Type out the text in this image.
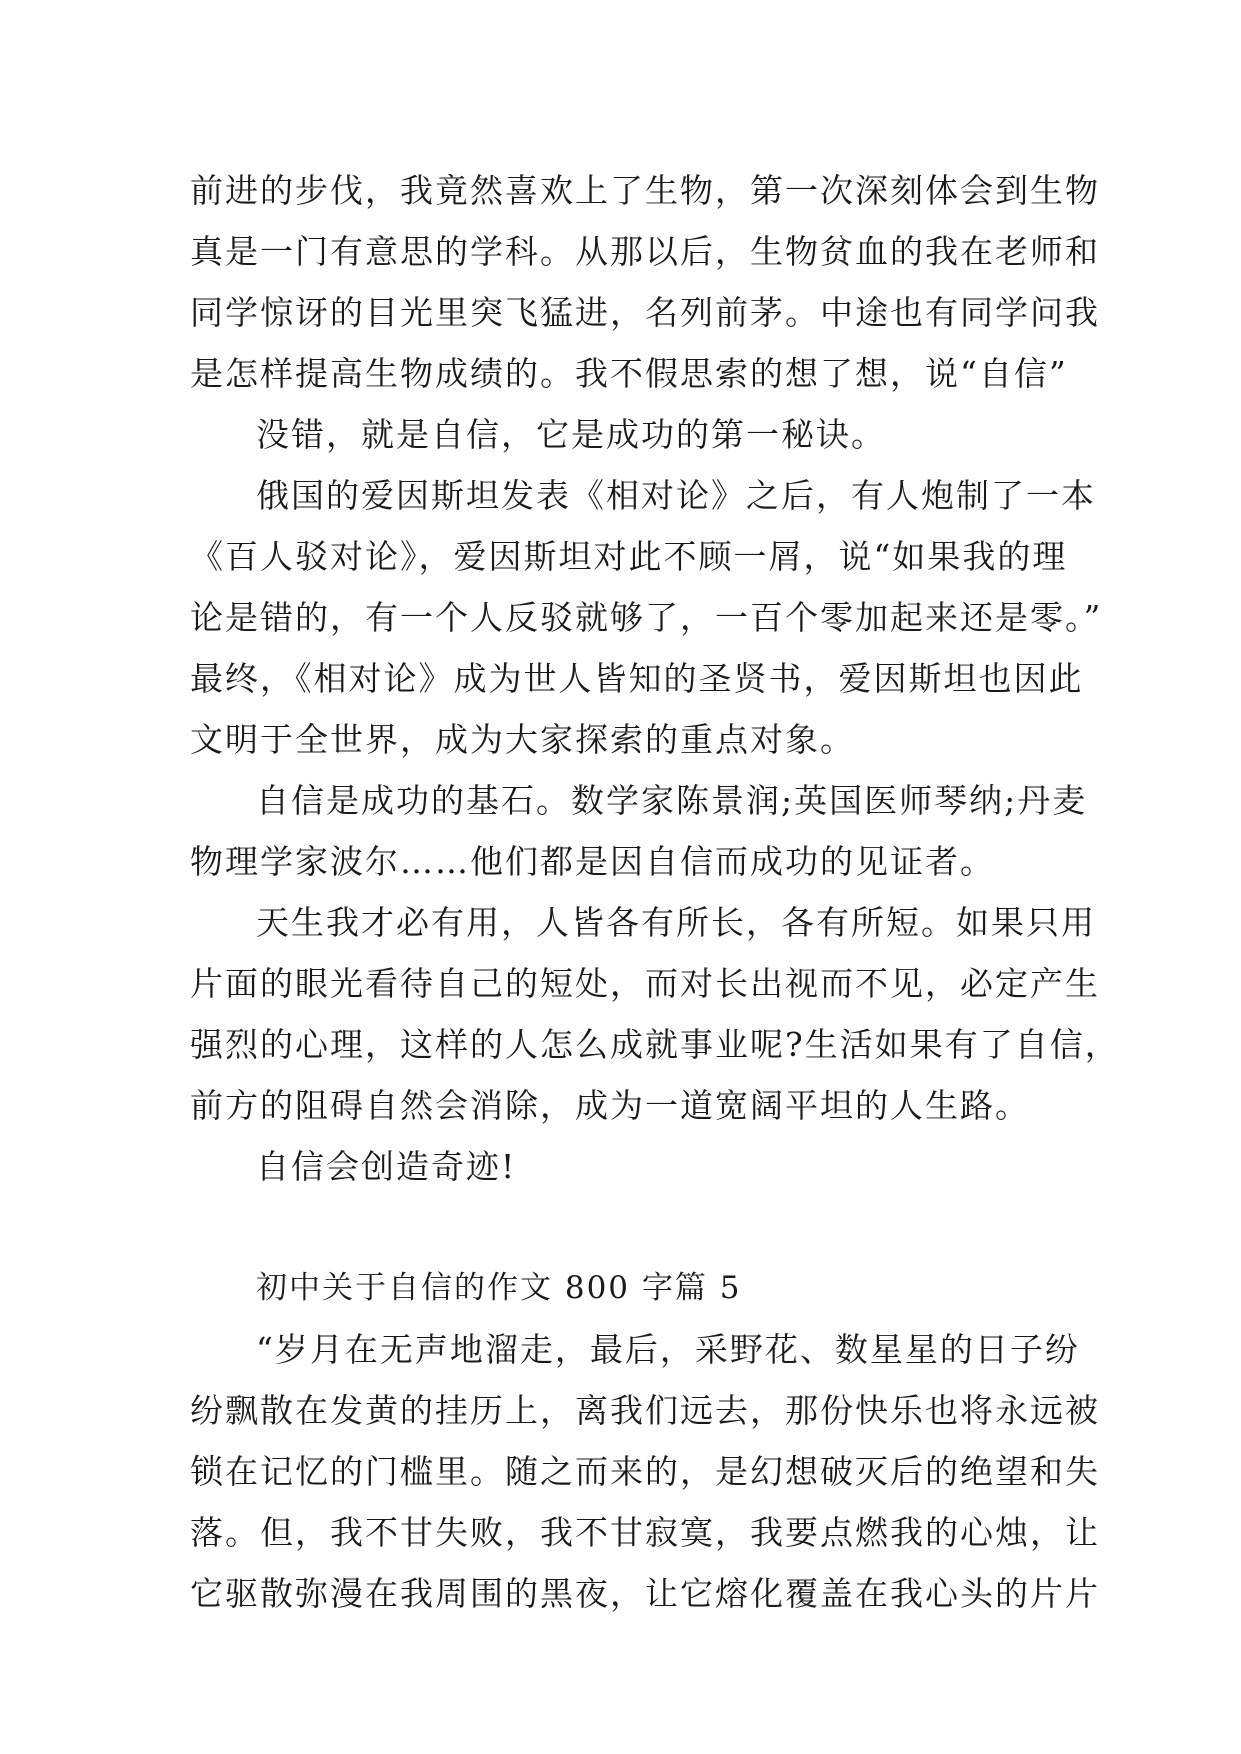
前进的步伐，我竟然喜欢上了生物，第一次深刻体会到生物
真是一门有意思的学科。从那以后，生物贫血的我在老师和
同学惊讶的目光里突飞猛进，名列前茅。中途也有同学问我
是怎样提高生物成绩的。我不假思索的想了想，说“自信”
没错，就是自信，它是成功的第一秘诀。
俄国的爱因斯坦发表《相对论》之后，有人炮制了一本
《百人驳对论》，爱因斯坦对此不顾一屑，说“如果我的理
论是错的，有一个人反驳就够了，一百个零加起来还是零。”
最终，《相对论》成为世人皆知的圣贤书，爱因斯坦也因此
文明于全世界，成为大家探索的重点对象。
自信是成功的基石。数学家陈景润;英国医师琴纳;丹麦
物理学家波尔……他们都是因自信而成功的见证者。
天生我才必有用，人皆各有所长，各有所短。如果只用
片面的眼光看待自己的短处，而对长出视而不见，必定产生
强烈的心理，这样的人怎么成就事业呢?生活如果有了自信，
前方的阻碍自然会消除，成为一道宽阔平坦的人生路。
自信会创造奇迹!
初中关于自信的作文 800 字篇 5
“岁月在无声地溜走，最后，采野花、数星星的日子纷
纷飘散在发黄的挂历上，离我们远去，那份快乐也将永远被
锁在记忆的门槛里。随之而来的，是幻想破灭后的绝望和失
落。但，我不甘失败，我不甘寂寞，我要点燃我的心烛，让
它驱散弥漫在我周围的黑夜，让它熔化覆盖在我心头的片片
